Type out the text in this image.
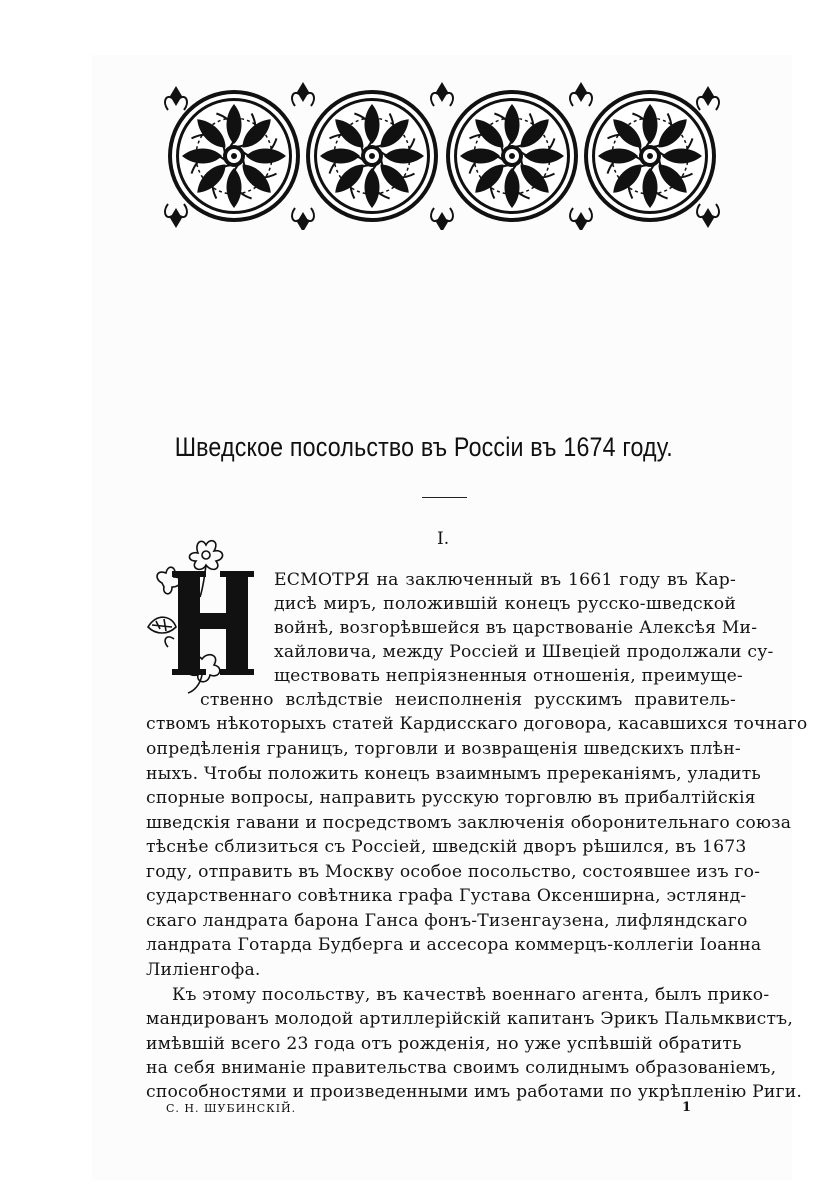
Шведское посольство въ Россіи въ 1674 году.
I.
Н
ЕСМОТРЯ на заключенный въ 1661 году въ Кар-
дисѣ миръ, положившій конецъ русско-шведской
войнѣ, возгорѣвшейся въ царствованіе Алексѣя Ми-
хайловича, между Россіей и Швеціей продолжали су-
ществовать непріязненныя отношенія, преимуще-
ственно вслѣдствіе неисполненія русскимъ правитель-
ствомъ нѣкоторыхъ статей Кардисскаго договора, касавшихся точнаго
опредѣленія границъ, торговли и возвращенія шведскихъ плѣн-
ныхъ. Чтобы положить конецъ взаимнымъ пререканіямъ, уладить
спорные вопросы, направить русскую торговлю въ прибалтійскія
шведскія гавани и посредствомъ заключенія оборонительнаго союза
тѣснѣе сблизиться съ Россіей, шведскій дворъ рѣшился, въ 1673
году, отправить въ Москву особое посольство, состоявшее изъ го-
сударственнаго совѣтника графа Густава Оксенширна, эстлянд-
скаго ландрата барона Ганса фонъ-Тизенгаузена, лифляндскаго
ландрата Готарда Будберга и ассесора коммерцъ-коллегіи Іоанна
Лиліенгофа.
Къ этому посольству, въ качествѣ военнаго агента, былъ прико-
мандированъ молодой артиллерійскій капитанъ Эрикъ Пальмквистъ,
имѣвшій всего 23 года отъ рожденія, но уже успѣвшій обратить
на себя вниманіе правительства своимъ солиднымъ образованіемъ,
способностями и произведенными имъ работами по укрѣпленію Риги.
С. Н. ШУБИНСКІЙ.	1
